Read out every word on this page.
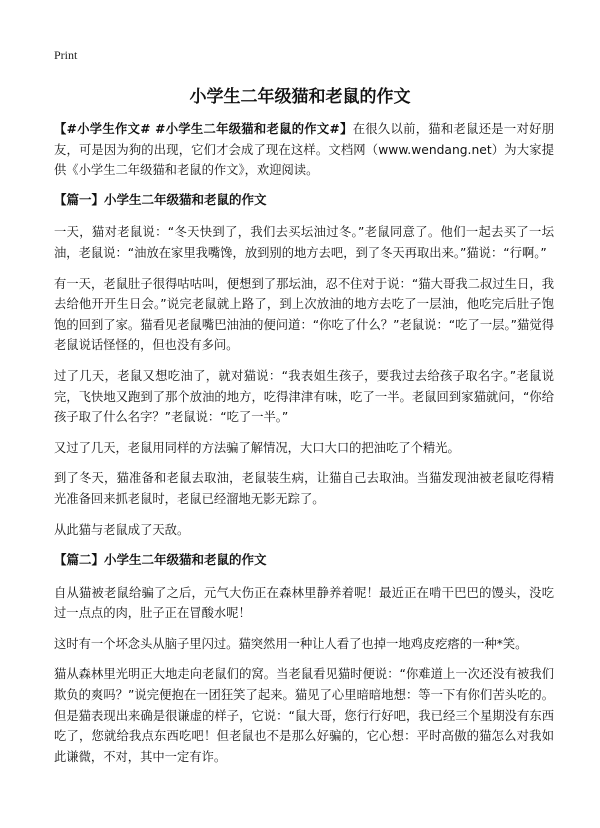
Print
小学生二年级猫和老鼠的作文

【#小学生作文# #小学生二年级猫和老鼠的作文#】在很久以前，猫和老鼠还是一对好朋友，可是因为狗的出现，它们才会成了现在这样。文档网（www.wendang.net）为大家提供《小学生二年级猫和老鼠的作文》，欢迎阅读。

【篇一】小学生二年级猫和老鼠的作文

一天，猫对老鼠说：“冬天快到了，我们去买坛油过冬。”老鼠同意了。他们一起去买了一坛油，老鼠说：“油放在家里我嘴馋，放到别的地方去吧，到了冬天再取出来。”猫说：“行啊。”

有一天，老鼠肚子很得咕咕叫，便想到了那坛油，忍不住对于说：“猫大哥我二叔过生日，我去给他开开生日会。”说完老鼠就上路了，到上次放油的地方去吃了一层油，他吃完后肚子饱饱的回到了家。猫看见老鼠嘴巴油油的便问道：“你吃了什么？”老鼠说：“吃了一层。”猫觉得老鼠说话怪怪的，但也没有多问。

过了几天，老鼠又想吃油了，就对猫说：“我表姐生孩子，要我过去给孩子取名字。”老鼠说完，飞快地又跑到了那个放油的地方，吃得津津有味，吃了一半。老鼠回到家猫就问，“你给孩子取了什么名字？”老鼠说：“吃了一半。”

又过了几天，老鼠用同样的方法骗了解情况，大口大口的把油吃了个精光。

到了冬天，猫准备和老鼠去取油，老鼠装生病，让猫自己去取油。当猫发现油被老鼠吃得精光准备回来抓老鼠时，老鼠已经溜地无影无踪了。

从此猫与老鼠成了天敌。

【篇二】小学生二年级猫和老鼠的作文

自从猫被老鼠给骗了之后，元气大伤正在森林里静养着呢！最近正在啃干巴巴的馒头，没吃过一点点的肉，肚子正在冒酸水呢！

这时有一个坏念头从脑子里闪过。猫突然用一种让人看了也掉一地鸡皮疙瘩的一种*笑。

猫从森林里光明正大地走向老鼠们的窝。当老鼠看见猫时便说：“你难道上一次还没有被我们欺负的爽吗？”说完便抱在一团狂笑了起来。猫见了心里暗暗地想：等一下有你们苦头吃的。但是猫表现出来确是很谦虚的样子，它说：“鼠大哥，您行行好吧，我已经三个星期没有东西吃了，您就给我点东西吃吧！但老鼠也不是那么好骗的，它心想：平时高傲的猫怎么对我如此谦微，不对，其中一定有诈。
